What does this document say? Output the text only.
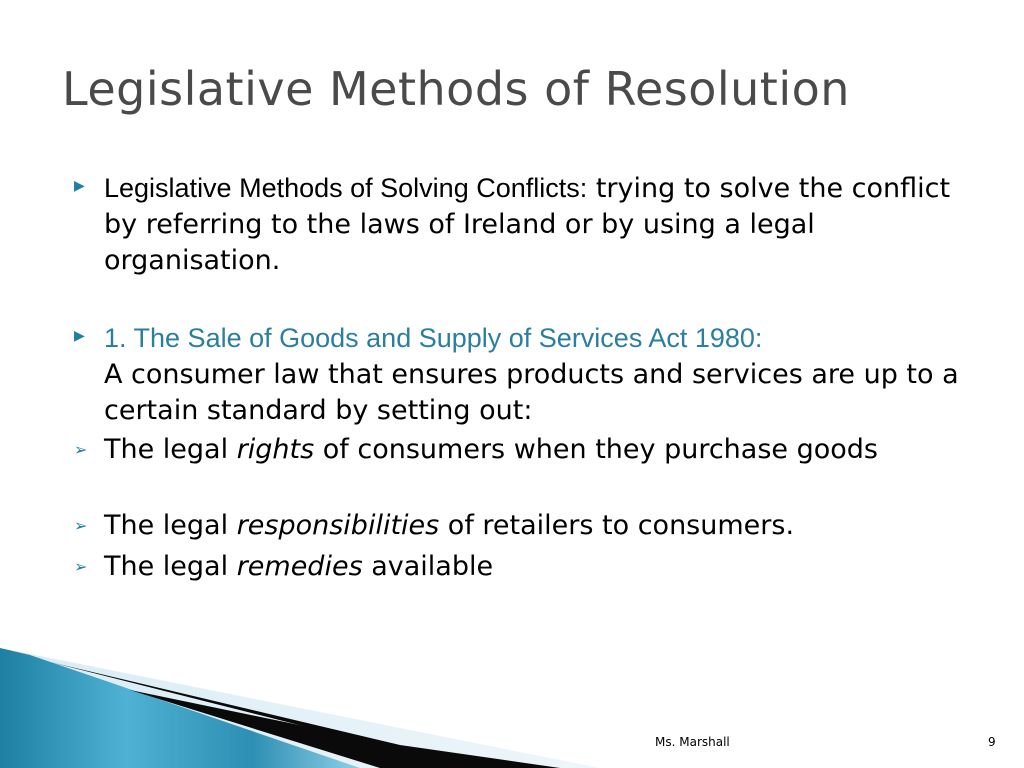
Legislative Methods of Resolution
▶ Legislative Methods of Solving Conflicts: trying to solve the conflict by referring to the laws of Ireland or by using a legal organisation.
▶ 1. The Sale of Goods and Supply of Services Act 1980:
A consumer law that ensures products and services are up to a certain standard by setting out:
➢ The legal rights of consumers when they purchase goods
➢ The legal responsibilities of retailers to consumers.
➢ The legal remedies available
Ms. Marshall	9
